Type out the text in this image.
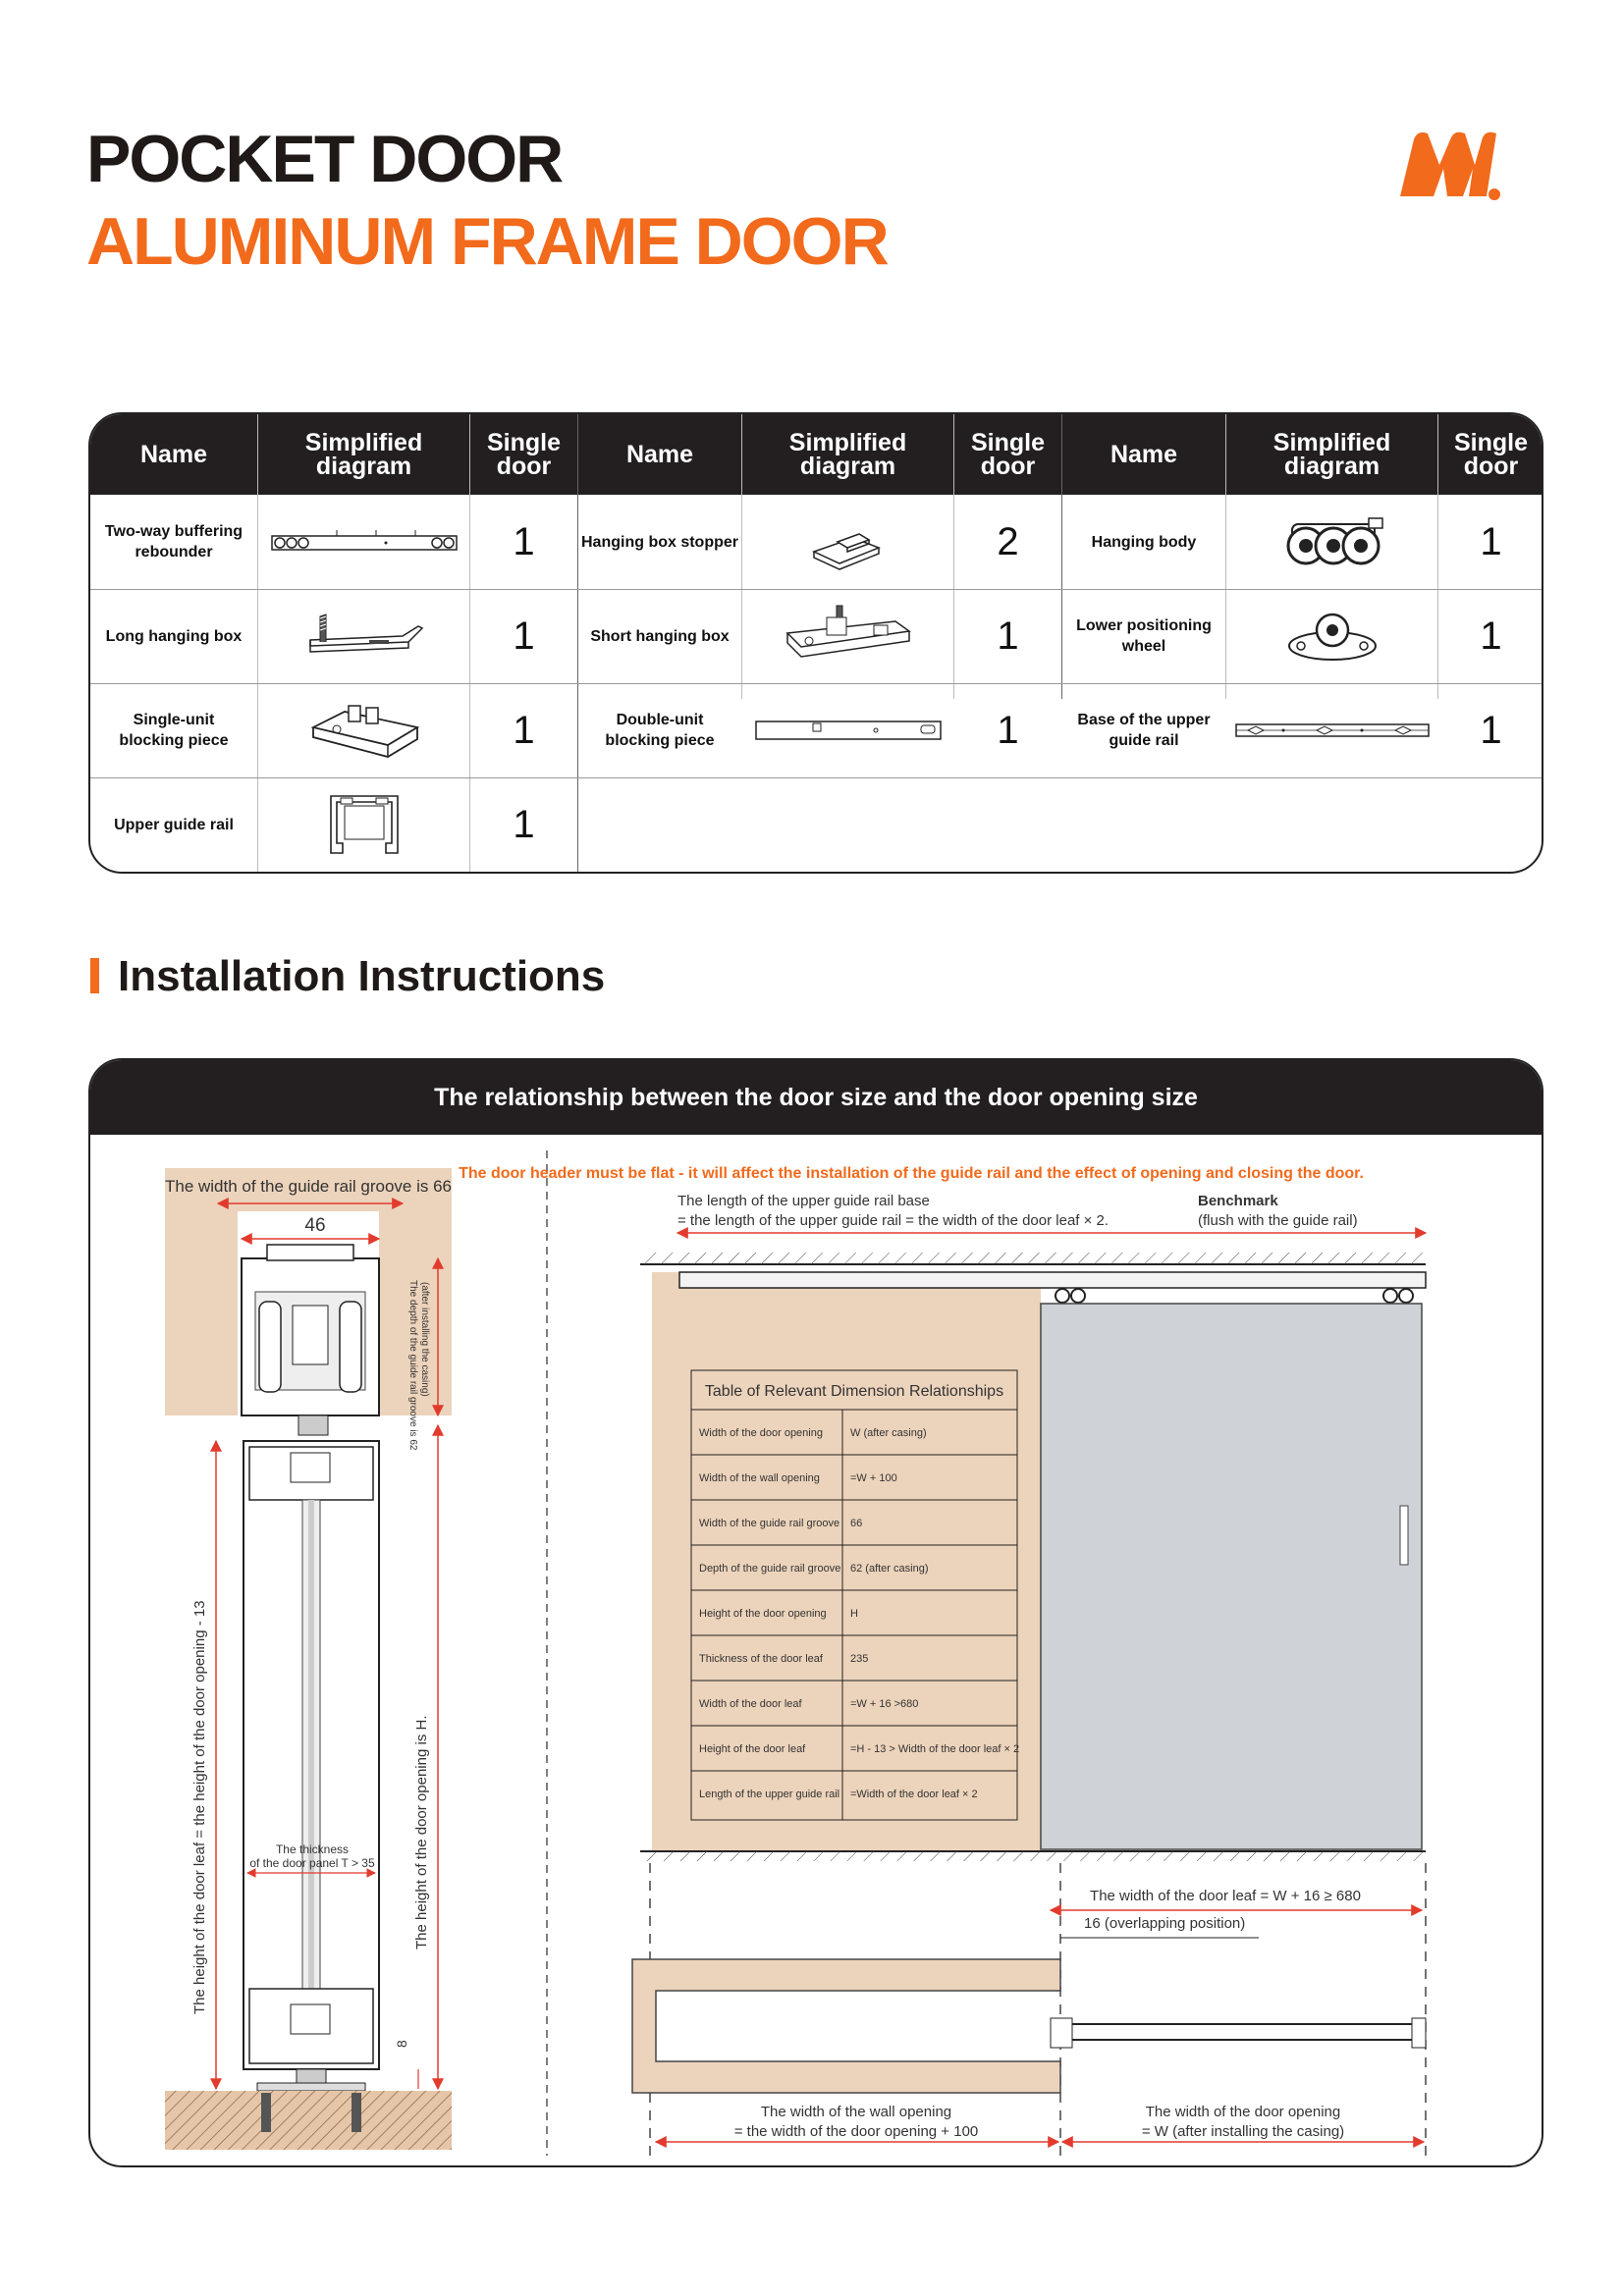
POCKET DOOR
ALUMINUM FRAME DOOR
Name	Simplified
diagram
Single
door	Name	Simplified
diagram
Single
door	Name	Simplified
diagram
Single
door
Two-way buffering
rebounder	1	Hanging box stopper	2	Hanging body	1
Long hanging box	1	Short hanging box	1	Lower positioning
wheel	1
Single-unit
blocking piece	1	Double-unit
blocking piece	1	Base of the upper
guide rail	1
Upper guide rail	1
Installation Instructions
The relationship between the door size and the door opening size
The width of the guide rail groove is 66
46
The depth of the guide rail groove is 62 (after installing the casing)
The thickness
of the door panel T > 35
The height of the door leaf = the height of the door opening - 13	The height of the door opening is H.
8
The door header must be flat - it will affect the installation of the guide rail and the effect of opening and closing the door.
The length of the upper guide rail base
= the length of the upper guide rail = the width of the door leaf × 2.
Benchmark
(flush with the guide rail)
Table of Relevant Dimension Relationships
Width of the door opening	W (after casing)
Width of the wall opening	=W + 100
Width of the guide rail groove 66
Depth of the guide rail groove 62 (after casing)
Height of the door opening H
Thickness of the door leaf	235
Width of the door leaf	=W + 16 >680
Height of the door leaf	=H - 13 > Width of the door leaf × 2
Length of the upper guide rail =Width of the door leaf × 2
The width of the door leaf = W + 16 ≥ 680
16 (overlapping position)
The width of the wall opening
= the width of the door opening + 100
The width of the door opening
= W (after installing the casing)
